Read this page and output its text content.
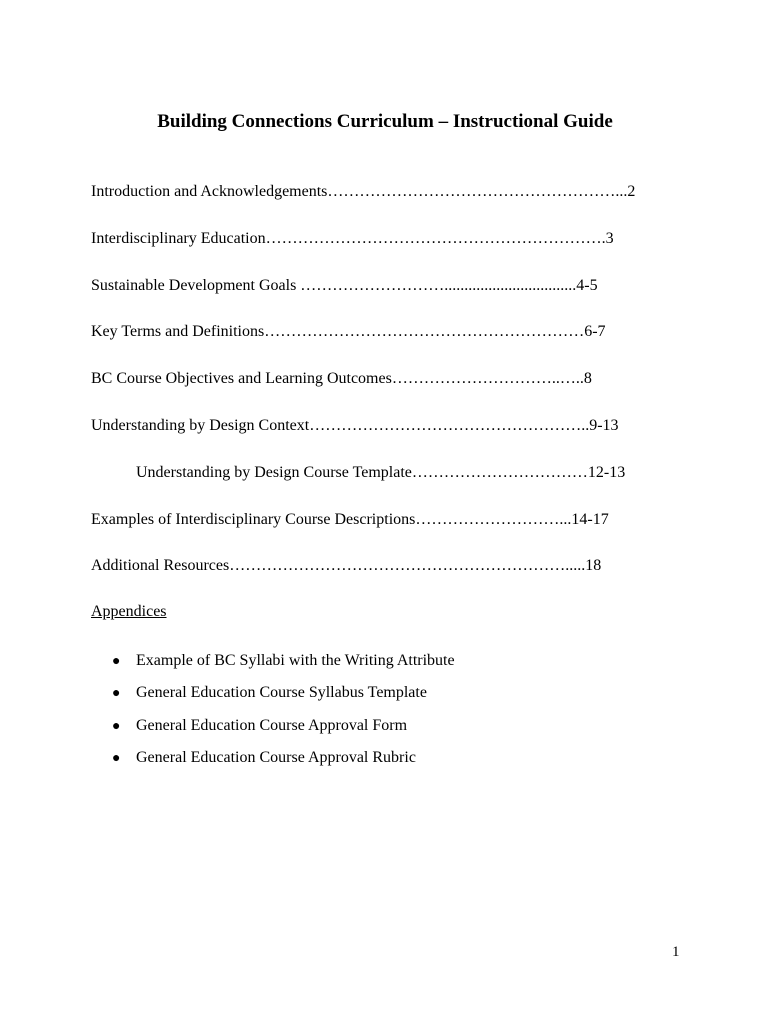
Building Connections Curriculum – Instructional Guide
Introduction and Acknowledgements………………………………………………...2
Interdisciplinary Education……………………………………………………….3
Sustainable Development Goals ……………………….................................4-5
Key Terms and Definitions……………………………………………………6-7
BC Course Objectives and Learning Outcomes…………………………..…..8
Understanding by Design Context……………………………………………..9-13
Understanding by Design Course Template……………………………12-13
Examples of Interdisciplinary Course Descriptions………………………...14-17
Additional Resources……………………………………………………….....18
Appendices
● Example of BC Syllabi with the Writing Attribute
● General Education Course Syllabus Template
● General Education Course Approval Form
● General Education Course Approval Rubric
1
